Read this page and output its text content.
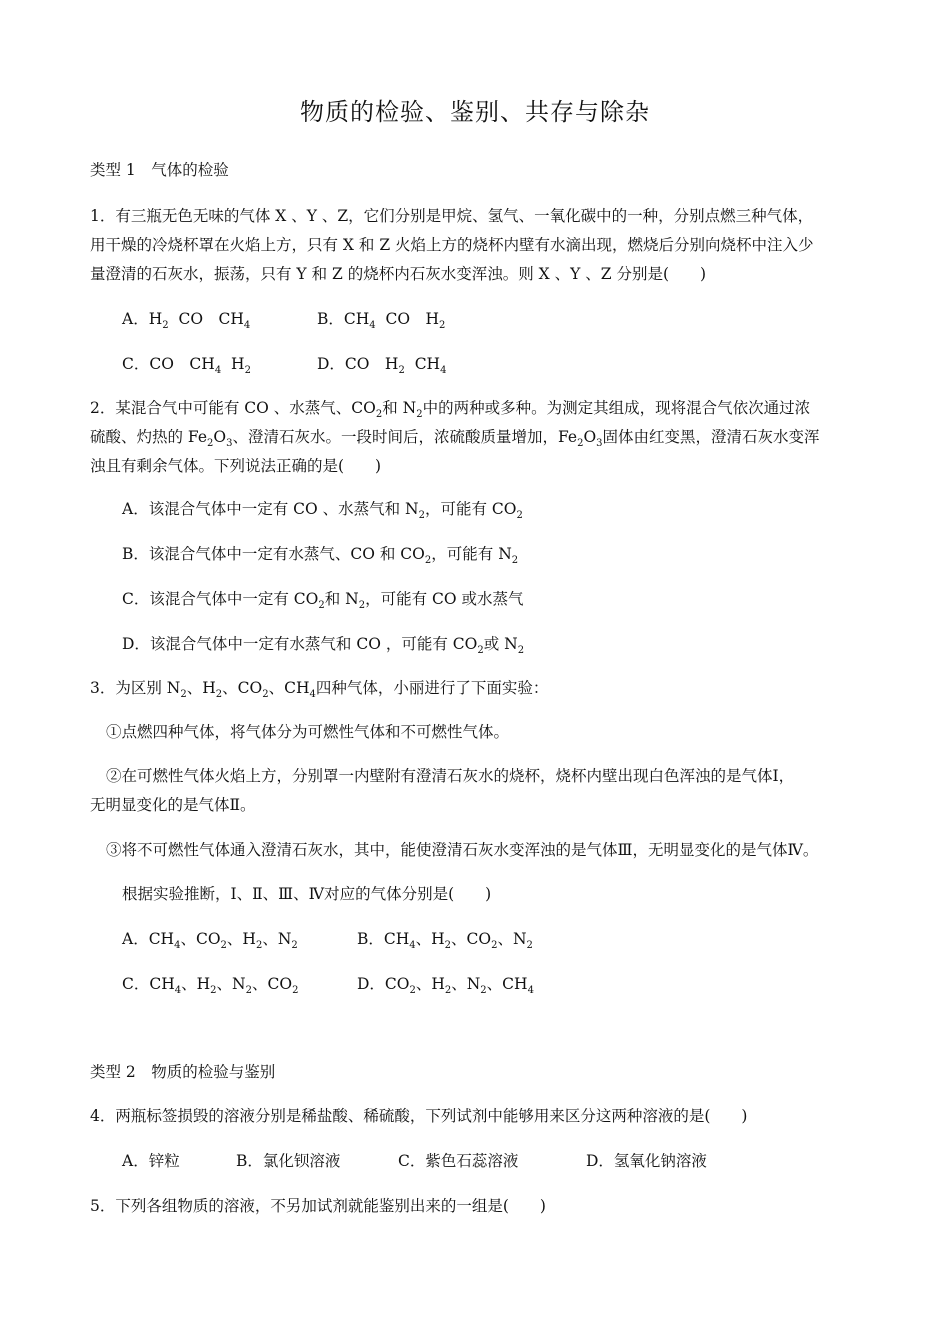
物质的检验、鉴别、共存与除杂
类型 1　气体的检验
1．有三瓶无色无味的气体 X 、Y 、Z，它们分别是甲烷、氢气、一氧化碳中的一种，分别点燃三种气体，
用干燥的冷烧杯罩在火焰上方，只有 X 和 Z 火焰上方的烧杯内壁有水滴出现，燃烧后分别向烧杯中注入少
量澄清的石灰水，振荡，只有 Y 和 Z 的烧杯内石灰水变浑浊。则 X 、Y 、Z 分别是(　　)
A．$H_2$ CO　$CH_4$	B．$CH_4$ CO　$H_2$
C．CO　$CH_4$ $H_2$	D．CO　$H_2$ $CH_4$
2．某混合气中可能有 CO 、水蒸气、$CO_2$和 $N_2$中的两种或多种。为测定其组成，现将混合气依次通过浓
硫酸、灼热的 $Fe_2O_3$、澄清石灰水。一段时间后，浓硫酸质量增加，$Fe_2O_3$固体由红变黑，澄清石灰水变浑
浊且有剩余气体。下列说法正确的是(　　)
A．该混合气体中一定有 CO 、水蒸气和 $N_2$，可能有 $CO_2$
B．该混合气体中一定有水蒸气、CO 和 $CO_2$，可能有 $N_2$
C．该混合气体中一定有 $CO_2$和 $N_2$，可能有 CO 或水蒸气
D．该混合气体中一定有水蒸气和 CO ，可能有 $CO_2$或 $N_2$
3．为区别 $N_2$、$H_2$、$CO_2$、$CH_4$四种气体，小丽进行了下面实验：
①点燃四种气体，将气体分为可燃性气体和不可燃性气体。
②在可燃性气体火焰上方，分别罩一内壁附有澄清石灰水的烧杯，烧杯内壁出现白色浑浊的是气体Ⅰ，
无明显变化的是气体Ⅱ。
③将不可燃性气体通入澄清石灰水，其中，能使澄清石灰水变浑浊的是气体Ⅲ，无明显变化的是气体Ⅳ。
根据实验推断，Ⅰ、Ⅱ、Ⅲ、Ⅳ对应的气体分别是(　　)
A．$CH_4$、$CO_2$、$H_2$、$N_2$	B．$CH_4$、$H_2$、$CO_2$、$N_2$
C．$CH_4$、$H_2$、$N_2$、$CO_2$	D．$CO_2$、$H_2$、$N_2$、$CH_4$
类型 2　物质的检验与鉴别
4．两瓶标签损毁的溶液分别是稀盐酸、稀硫酸，下列试剂中能够用来区分这两种溶液的是(　　)
A．锌粒	B．氯化钡溶液	C．紫色石蕊溶液	D．氢氧化钠溶液
5．下列各组物质的溶液，不另加试剂就能鉴别出来的一组是(　　)
